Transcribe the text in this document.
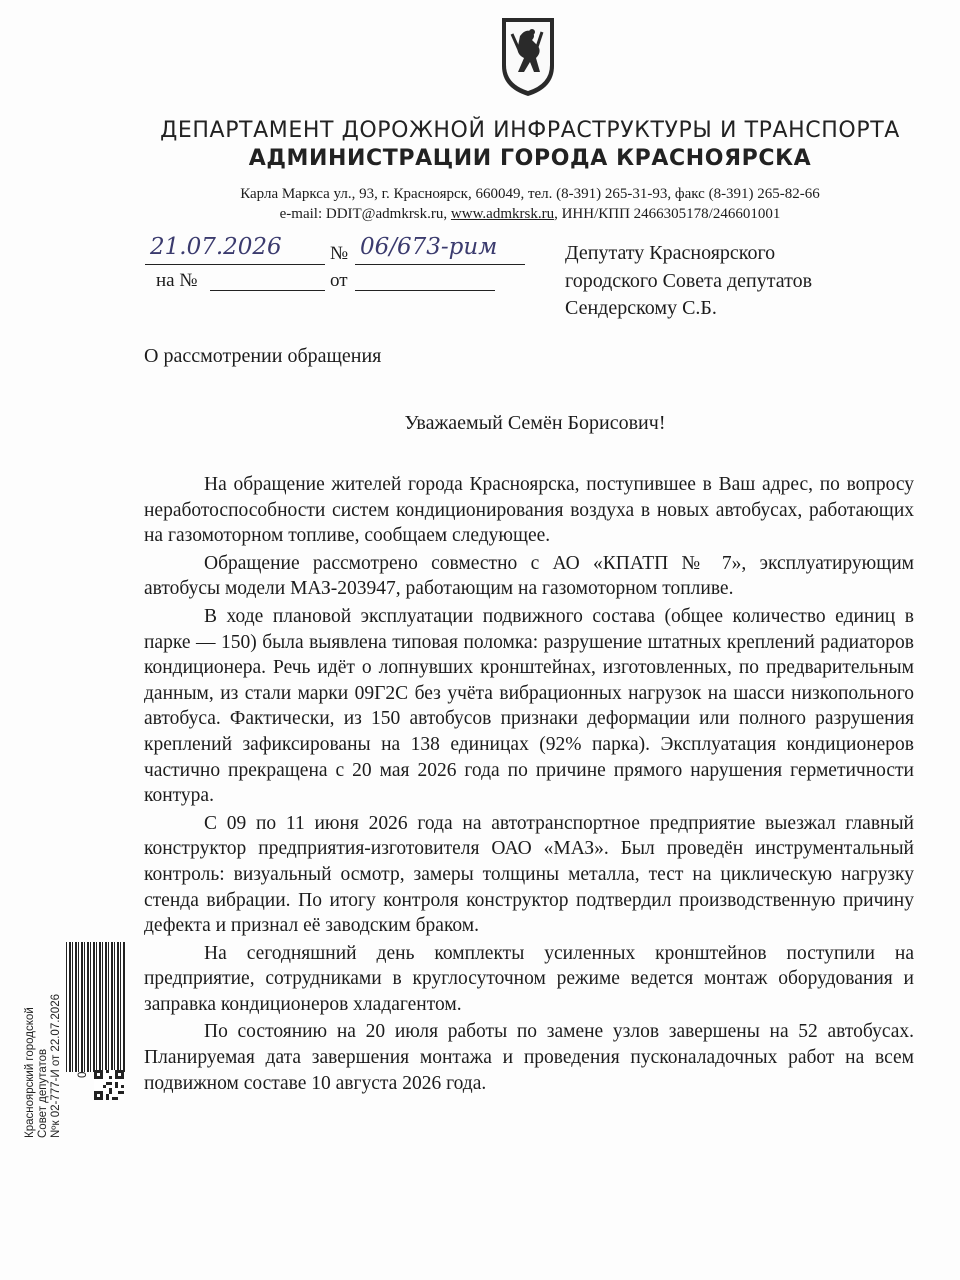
ДЕПАРТАМЕНТ ДОРОЖНОЙ ИНФРАСТРУКТУРЫ И ТРАНСПОРТА
АДМИНИСТРАЦИИ ГОРОДА КРАСНОЯРСКА
Карла Маркса ул., 93, г. Красноярск, 660049, тел. (8-391) 265-31-93, факс (8-391) 265-82-66
e-mail: DDIT@admkrsk.ru, www.admkrsk.ru, ИНН/КПП 2466305178/246601001
21.07.2026	№ 06/673-рим
на №	от
Депутату Красноярского
городского Совета депутатов
Сендерскому С.Б.
О рассмотрении обращения
Уважаемый Семён Борисович!

На обращение жителей города Красноярска, поступившее в Ваш адрес, по вопросу неработоспособности систем кондиционирования воздуха в новых автобусах, работающих на газомоторном топливе, сообщаем следующее.

Обращение рассмотрено совместно с АО «КПАТП № 7», эксплуатирующим автобусы модели МАЗ-203947, работающим на газомоторном топливе.

В ходе плановой эксплуатации подвижного состава (общее количество единиц в парке — 150) была выявлена типовая поломка: разрушение штатных креплений радиаторов кондиционера. Речь идёт о лопнувших кронштейнах, изготовленных, по предварительным данным, из стали марки 09Г2С без учёта вибрационных нагрузок на шасси низкопольного автобуса. Фактически, из 150 автобусов признаки деформации или полного разрушения креплений зафиксированы на 138 единицах (92% парка). Эксплуатация кондиционеров частично прекращена с 20 мая 2026 года по причине прямого нарушения герметичности контура.

С 09 по 11 июня 2026 года на автотранспортное предприятие выезжал главный конструктор предприятия-изготовителя ОАО «МАЗ». Был проведён инструментальный контроль: визуальный осмотр, замеры толщины металла, тест на циклическую нагрузку стенда вибрации. По итогу контроля конструктор подтвердил производственную причину дефекта и признал её заводским браком.

На сегодняшний день комплекты усиленных кронштейнов поступили на предприятие, сотрудниками в круглосуточном режиме ведется монтаж оборудования и заправка кондиционеров хладагентом.

По состоянию на 20 июля работы по замене узлов завершены на 52 автобусах. Планируемая дата завершения монтажа и проведения пусконаладочных работ на всем подвижном составе 10 августа 2026 года.

Красноярский городской Совет депутатов Nºк 02-777-И от 22.07.2026
